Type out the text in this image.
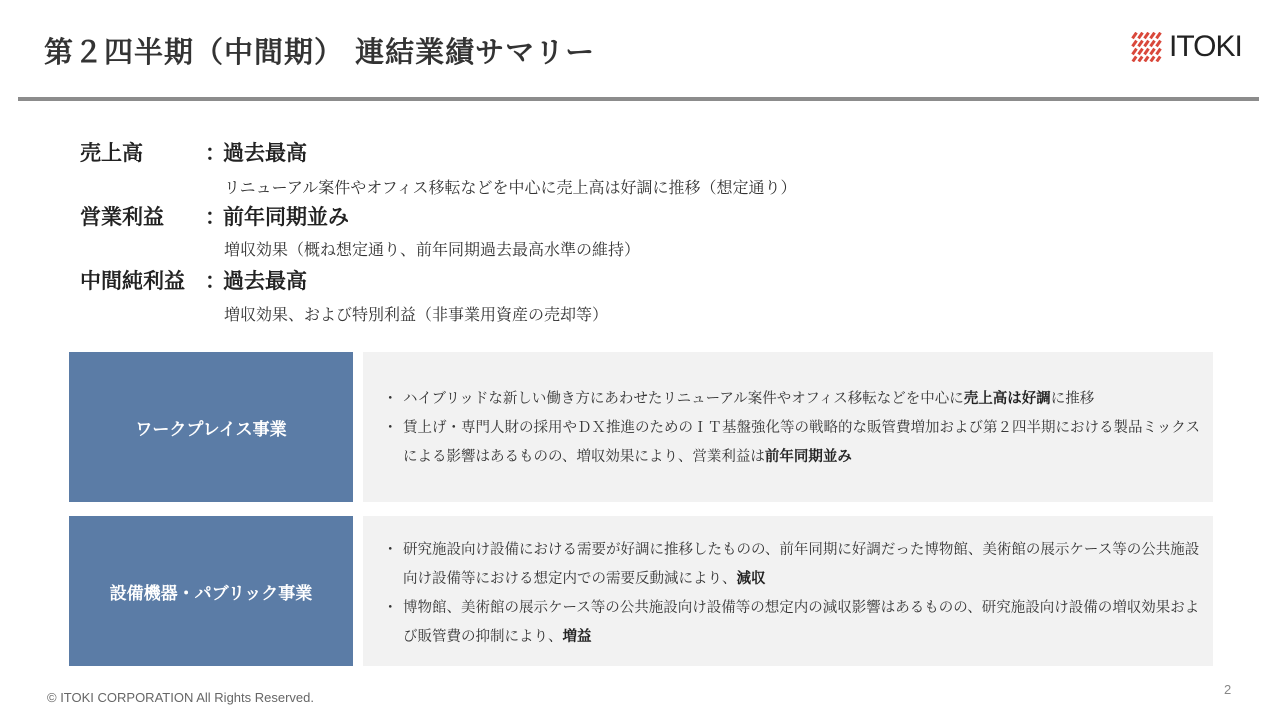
第２四半期（中間期） 連結業績サマリー	ITOKI
売上高	：
過去最高
リニューアル案件やオフィス移転などを中心に売上高は好調に推移（想定通り）
営業利益 ：
前年同期並み
増収効果（概ね想定通り、前年同期過去最高水準の維持）
中間純利益 ：
過去最高
増収効果、および特別利益（非事業用資産の売却等）
ワークプレイス事業
・ ハイブリッドな新しい働き方にあわせたリニューアル案件やオフィス移転などを中心に売上高は好調に推移
・ 賃上げ・専門人財の採用やＤＸ推進のためのＩＴ基盤強化等の戦略的な販管費増加および第２四半期における製品ミックスによる影響はあるものの、増収効果により、営業利益は前年同期並み
設備機器・パブリック事業
・ 研究施設向け設備における需要が好調に推移したものの、前年同期に好調だった博物館、美術館の展示ケース等の公共施設向け設備等における想定内での需要反動減により、減収
・ 博物館、美術館の展示ケース等の公共施設向け設備等の想定内の減収影響はあるものの、研究施設向け設備の増収効果および販管費の抑制により、増益
© ITOKI CORPORATION All Rights Reserved.
2
